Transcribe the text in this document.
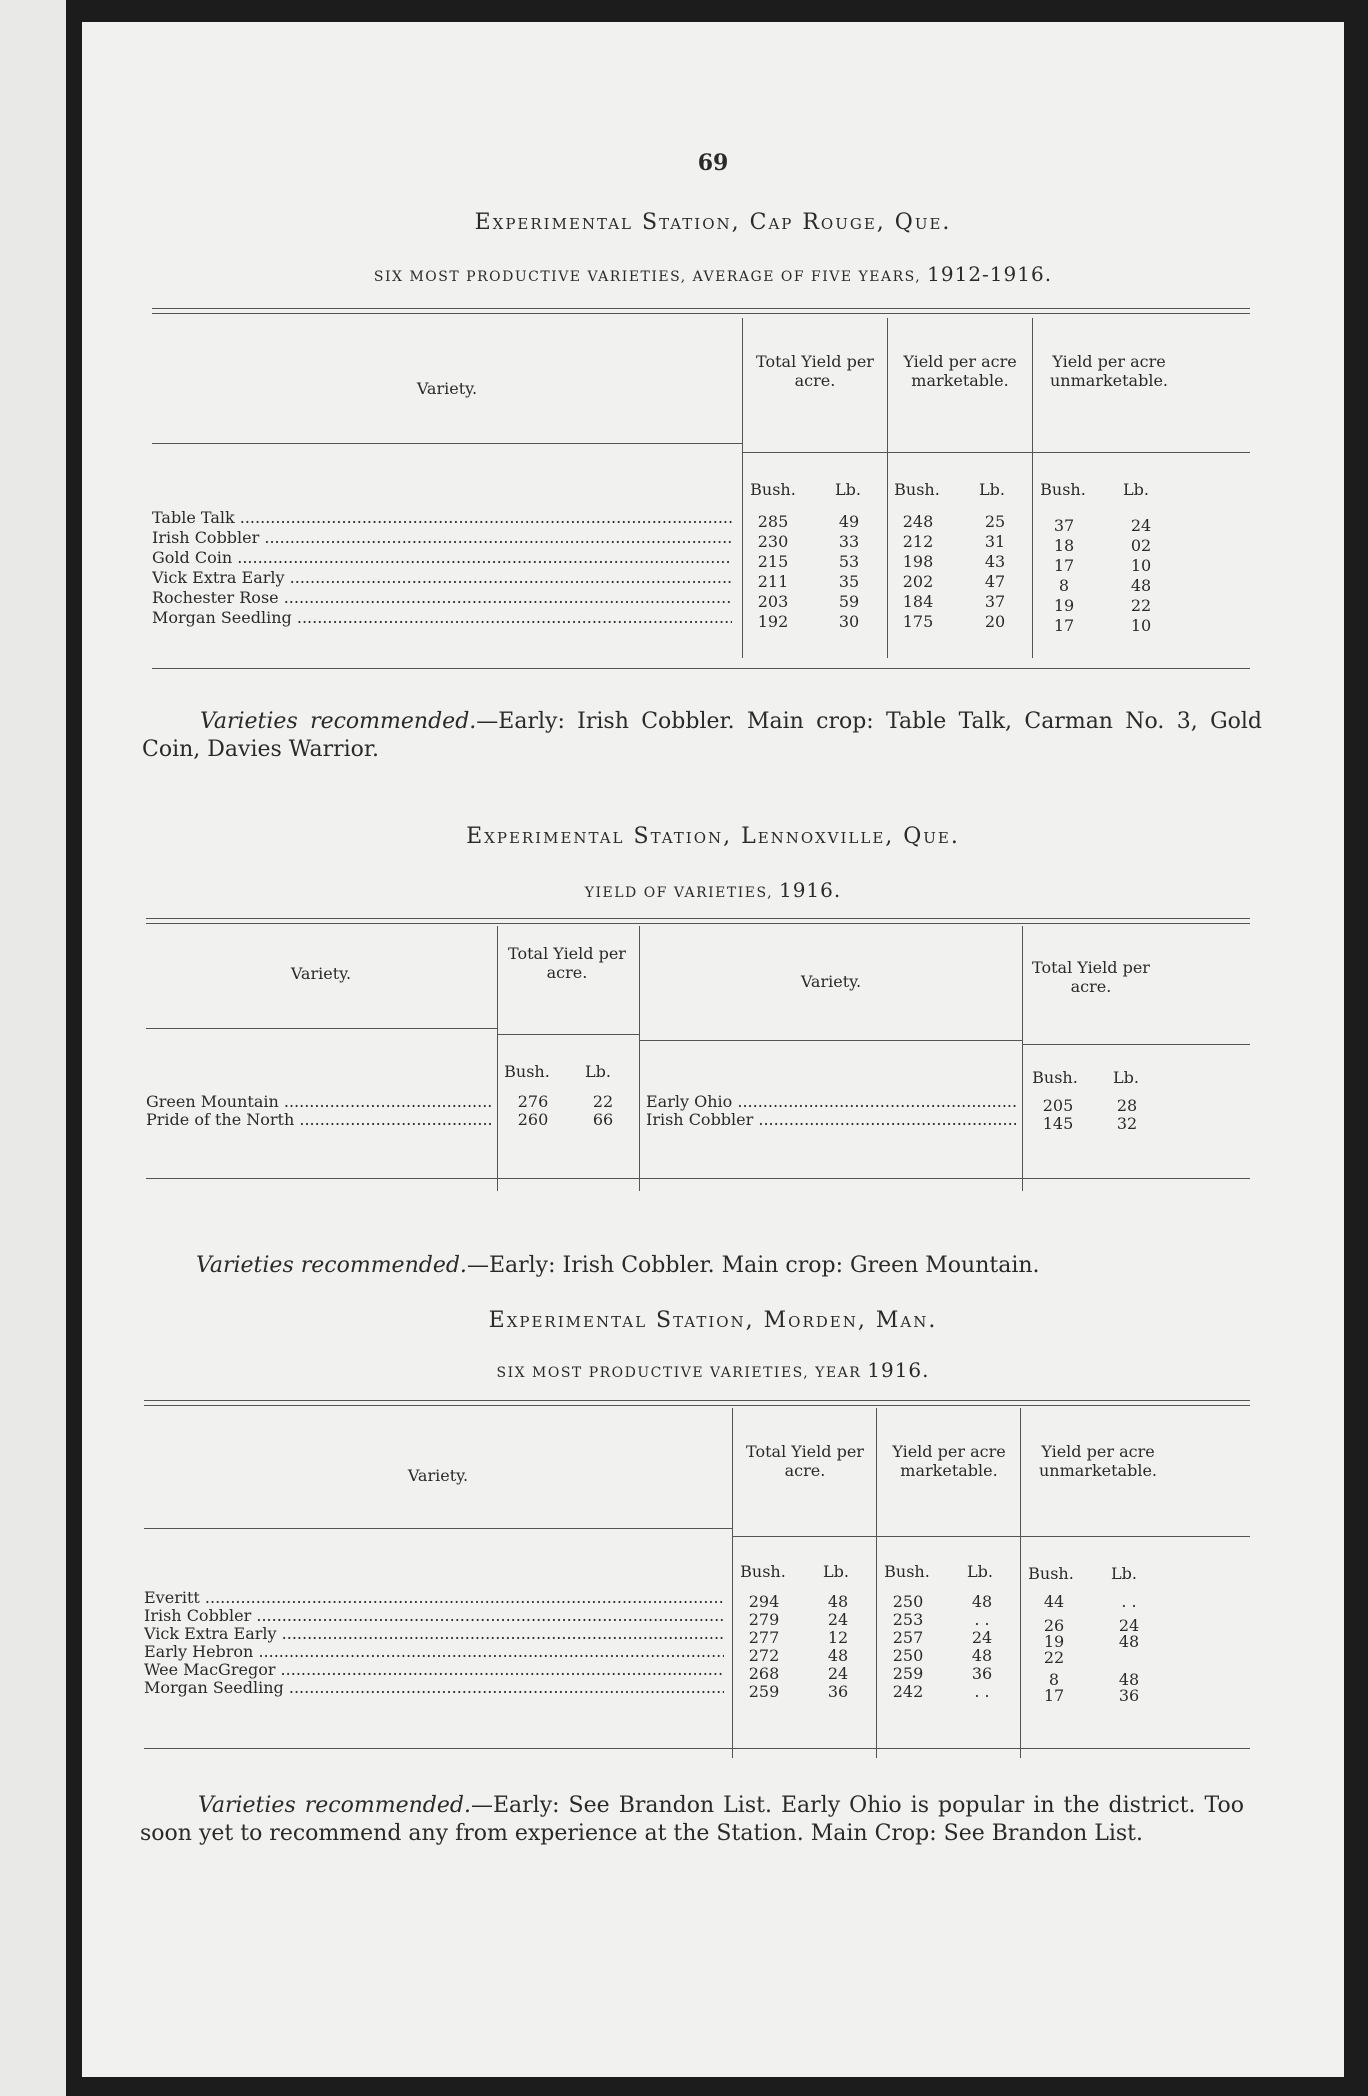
69
Experimental Station, Cap Rouge, Que.
SIX MOST PRODUCTIVE VARIETIES, AVERAGE OF FIVE YEARS, 1912-1916.
Variety.
Total Yield per acre.
Yield per acre marketable.
Yield per acre unmarketable.
Bush.	Lb.	Bush.	Lb.	Bush.	Lb.
Table Talk .....	285	49	248	25	37	24
Irish Cobbler .....	230	33	212	31	18	02
Gold Coin .....	215	53	198	43	17	10
Vick Extra Early .....	211	35	202	47	8	48
Rochester Rose .....	203	59	184	37	19	22
Morgan Seedling .....	192	30	175	20	17	10
Varieties recommended.—Early: Irish Cobbler. Main crop: Table Talk, Carman No. 3, Gold Coin, Davies Warrior.
Experimental Station, Lennoxville, Que.
YIELD OF VARIETIES, 1916.
Variety.
Total Yield per acre.	Variety.
Total Yield per acre.
Bush.	Lb.	Bush.	Lb.
Green Mountain .....	276	22	Early Ohio .....	205	28
Pride of the North .....	260	66	Irish Cobbler .....	145	32
Varieties recommended.—Early: Irish Cobbler. Main crop: Green Mountain.
Experimental Station, Morden, Man.
SIX MOST PRODUCTIVE VARIETIES, YEAR 1916.
Variety.
Total Yield per acre.
Yield per acre marketable.
Yield per acre unmarketable.
Bush.	Lb.	Bush.	Lb.	Bush.	Lb.
Everitt .....	294	48	250	48	44	. .
Irish Cobbler .....	279	24	253	. .	26	24
Vick Extra Early .....	277	12	257	24	19	48
Early Hebron .....	272	48	250	48	22
Wee MacGregor .....	268	24	259	36	8	48
Morgan Seedling .....	259	36	242	. .	17	36
Varieties recommended.—Early: See Brandon List. Early Ohio is popular in the district. Too soon yet to recommend any from experience at the Station. Main Crop: See Brandon List.
